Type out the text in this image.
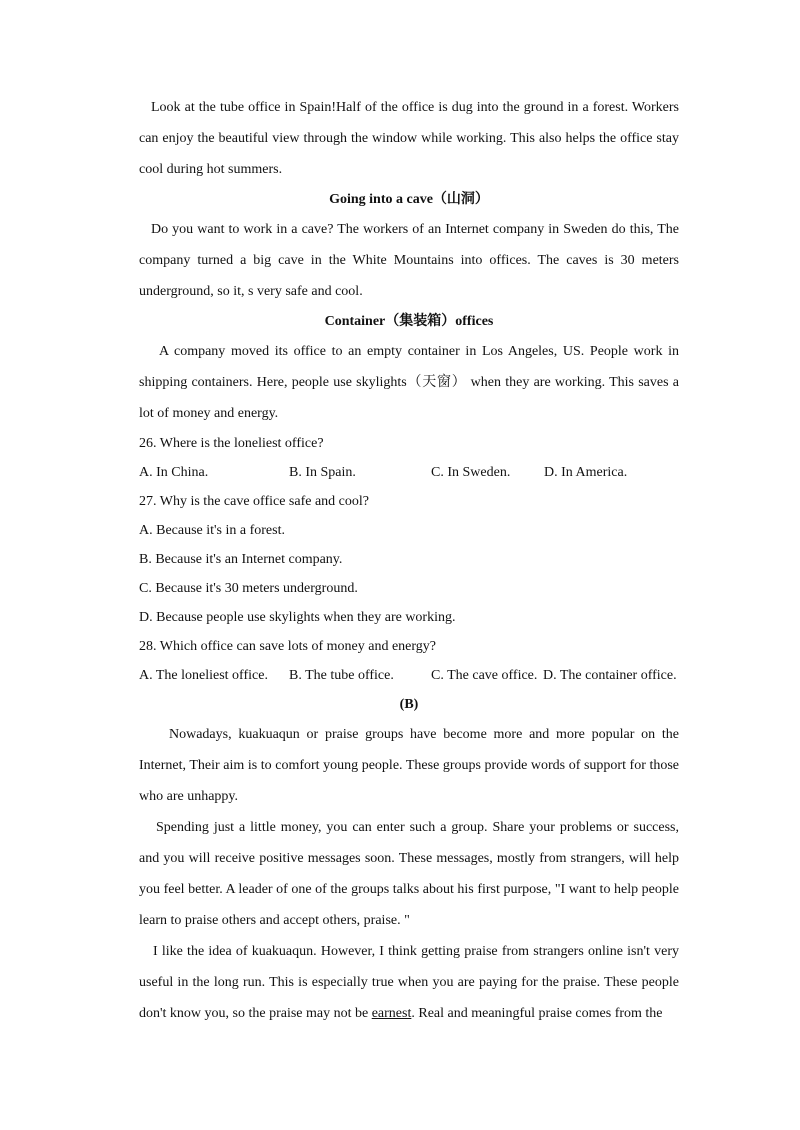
Look at the tube office in Spain!Half of the office is dug into the ground in a forest. Workers can enjoy the beautiful view through the window while working. This also helps the office stay cool during hot summers.

Going into a cave（山洞）

Do you want to work in a cave? The workers of an Internet company in Sweden do this, The company turned a big cave in the White Mountains into offices. The caves is 30 meters underground, so it, s very safe and cool.

Container（集装箱）offices

A company moved its office to an empty container in Los Angeles, US. People work in shipping containers. Here, people use skylights（天窗） when they are working. This saves a lot of money and energy.

26. Where is the loneliest office?

A. In China.	B. In Spain.	C. In Sweden.	D. In America.

27. Why is the cave office safe and cool?

A. Because it's in a forest.

B. Because it's an Internet company.

C. Because it's 30 meters underground.

D. Because people use skylights when they are working.

28. Which office can save lots of money and energy?

A. The loneliest office.	B. The tube office.	C. The cave office. D. The container office.

(B)

Nowadays, kuakuaqun or praise groups have become more and more popular on the Internet, Their aim is to comfort young people. These groups provide words of support for those who are unhappy.

Spending just a little money, you can enter such a group. Share your problems or success, and you will receive positive messages soon. These messages, mostly from strangers, will help you feel better. A leader of one of the groups talks about his first purpose, "I want to help people learn to praise others and accept others, praise. "

I like the idea of kuakuaqun. However, I think getting praise from strangers online isn't very useful in the long run. This is especially true when you are paying for the praise. These people don't know you, so the praise may not be earnest. Real and meaningful praise comes from the
